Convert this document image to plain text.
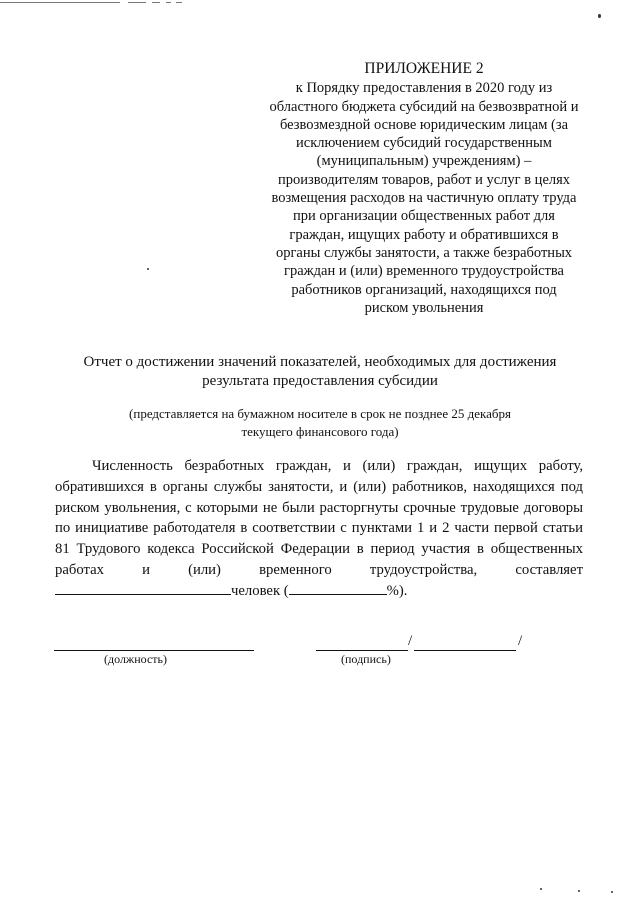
ПРИЛОЖЕНИЕ 2
к Порядку предоставления в 2020 году из
областного бюджета субсидий на безвозвратной и
безвозмездной основе юридическим лицам (за
исключением субсидий государственным
(муниципальным) учреждениям) –
производителям товаров, работ и услуг в целях
возмещения расходов на частичную оплату труда
при организации общественных работ для
граждан, ищущих работу и обратившихся в
органы службы занятости, а также безработных
граждан и (или) временного трудоустройства
работников организаций, находящихся под
риском увольнения
Отчет о достижении значений показателей, необходимых для достижения
результата предоставления субсидии
(представляется на бумажном носителе в срок не позднее 25 декабря
текущего финансового года)
Численность безработных граждан, и (или) граждан, ищущих работу, обратившихся в органы службы занятости, и (или) работников, находящихся под риском увольнения, с которыми не были расторгнуты срочные трудовые договоры по инициативе работодателя в соответствии с пунктами 1 и 2 части первой статьи 81 Трудового кодекса Российской Федерации в период участия в общественных работах и (или) временного трудоустройства, составляет человек (	%).
(должность)
/	/
(подпись)
